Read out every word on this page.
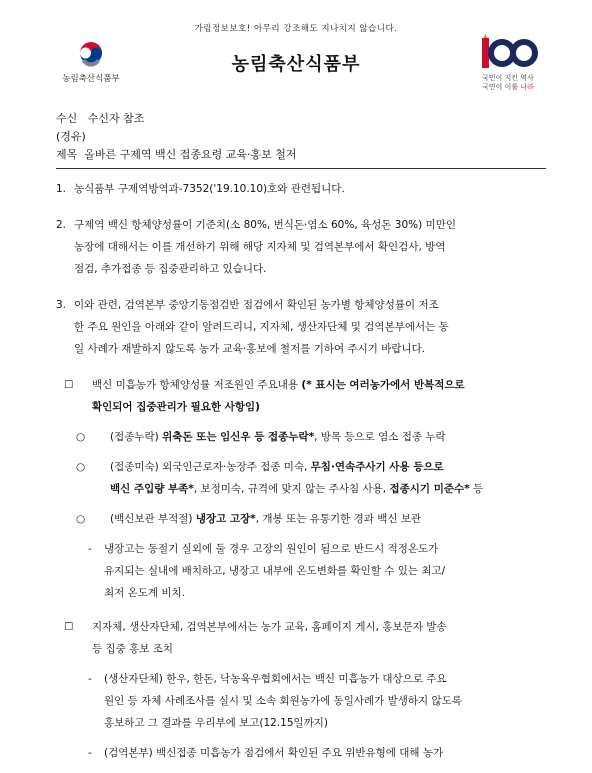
가림정보보호! 아무리 강조해도 지나치지 않습니다.
농림축산식품부
농림축산식품부
국민이 지킨 역사
국민이 이룰 나라
수신 수신자 참조
(경유)
제목 올바른 구제역 백신 접종요령 교육·홍보 철저
1. 농식품부 구제역방역과-7352('19.10.10)호와 관련됩니다.
2. 구제역 백신 항체양성률이 기준치(소 80%, 번식돈·염소 60%, 육성돈 30%) 미만인
농장에 대해서는 이를 개선하기 위해 해당 지자체 및 검역본부에서 확인검사, 방역
점검, 추가접종 등 집중관리하고 있습니다.
3. 이와 관련, 검역본부 중앙기동점검반 점검에서 확인된 농가별 항체양성률이 저조
한 주요 원인을 아래와 같이 알려드리니, 지자체, 생산자단체 및 검역본부에서는 동
일 사례가 재발하지 않도록 농가 교육·홍보에 철저를 기하여 주시기 바랍니다.
☐ 백신 미흡농가 항체양성률 저조원인 주요내용 (* 표시는 여러농가에서 반복적으로
확인되어 집중관리가 필요한 사항임)
○ (접종누락) 위축돈 또는 임신우 등 접종누락*, 방목 등으로 염소 접종 누락
○ (접종미숙) 외국인근로자·농장주 접종 미숙, 무침·연속주사기 사용 등으로
백신 주입량 부족*, 보정미숙, 규격에 맞지 않는 주사침 사용, 접종시기 미준수* 등
○ (백신보관 부적절) 냉장고 고장*, 개봉 또는 유통기한 경과 백신 보관
- 냉장고는 동절기 실외에 둘 경우 고장의 원인이 됨으로 반드시 적정온도가
유지되는 실내에 배치하고, 냉장고 내부에 온도변화를 확인할 수 있는 최고/
최저 온도계 비치.
☐ 지자체, 생산자단체, 검역본부에서는 농가 교육, 홈페이지 게시, 홍보문자 발송
등 집중 홍보 조치
- (생산자단체) 한우, 한돈, 낙농육우협회에서는 백신 미흡농가 대상으로 주요
원인 등 자체 사례조사를 실시 및 소속 회원농가에 동일사례가 발생하지 않도록
홍보하고 그 결과를 우리부에 보고(12.15일까지)
- (검역본부) 백신접종 미흡농가 점검에서 확인된 주요 위반유형에 대해 농가
